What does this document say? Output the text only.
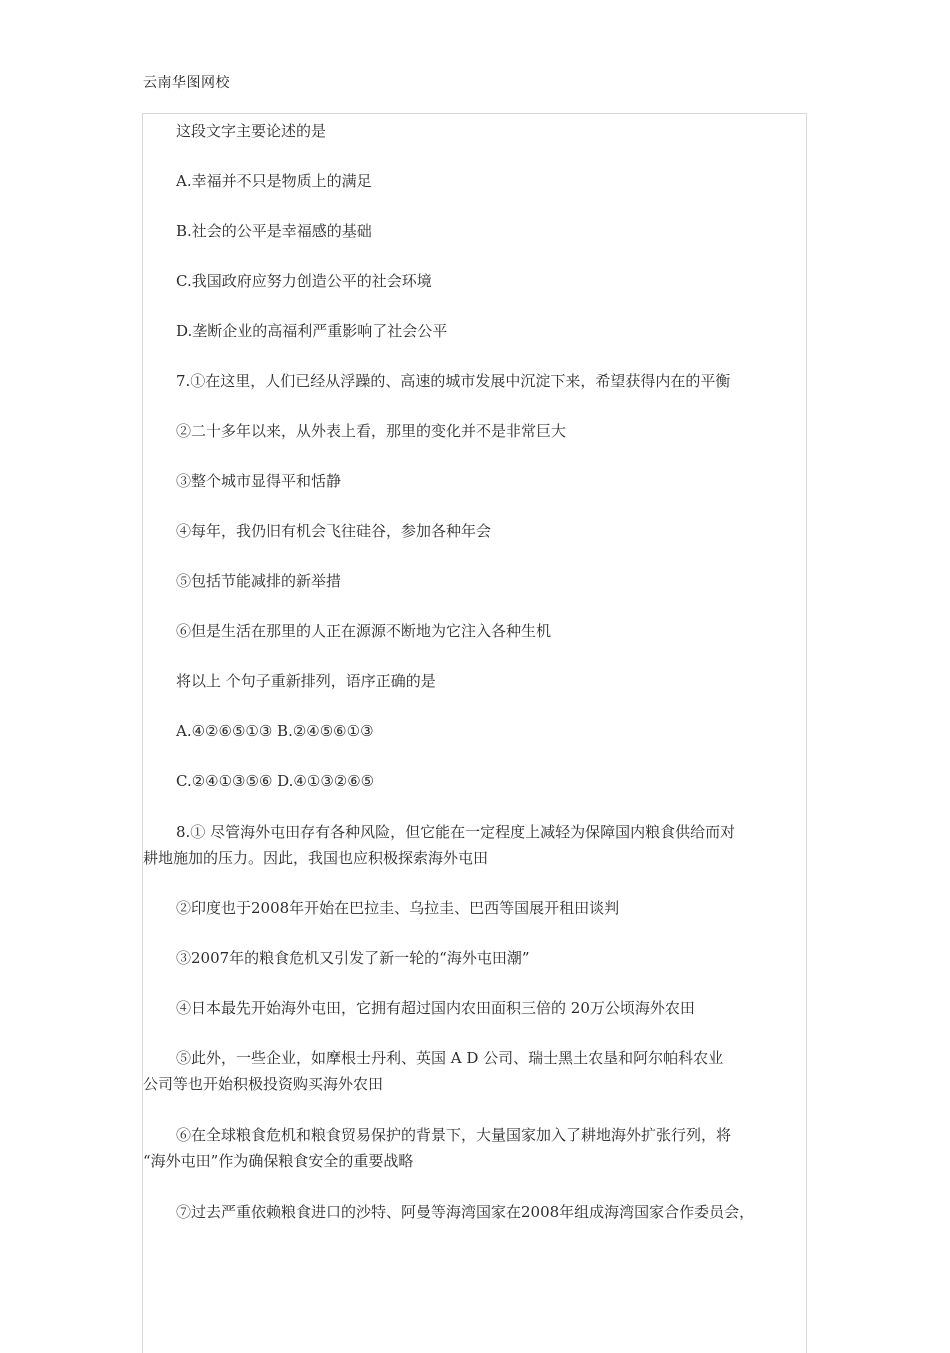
云南华图网校
这段文字主要论述的是
A.幸福并不只是物质上的满足
B.社会的公平是幸福感的基础
C.我国政府应努力创造公平的社会环境
D.垄断企业的高福利严重影响了社会公平
7.①在这里，人们已经从浮躁的、高速的城市发展中沉淀下来，希望获得内在的平衡
②二十多年以来，从外表上看，那里的变化并不是非常巨大
③整个城市显得平和恬静
④每年，我仍旧有机会飞往硅谷，参加各种年会
⑤包括节能减排的新举措
⑥但是生活在那里的人正在源源不断地为它注入各种生机
将以上 个句子重新排列，语序正确的是
A.④②⑥⑤①③ B.②④⑤⑥①③
C.②④①③⑤⑥ D.④①③②⑥⑤
8.① 尽管海外屯田存有各种风险，但它能在一定程度上减轻为保障国内粮食供给而对
耕地施加的压力。因此，我国也应积极探索海外屯田
②印度也于2008年开始在巴拉圭、乌拉圭、巴西等国展开租田谈判
③2007年的粮食危机又引发了新一轮的“海外屯田潮”
④日本最先开始海外屯田，它拥有超过国内农田面积三倍的 20万公顷海外农田
⑤此外，一些企业，如摩根士丹利、英国 A D 公司、瑞士黑土农垦和阿尔帕科农业
公司等也开始积极投资购买海外农田
⑥在全球粮食危机和粮食贸易保护的背景下，大量国家加入了耕地海外扩张行列，将
“海外屯田”作为确保粮食安全的重要战略
⑦过去严重依赖粮食进口的沙特、阿曼等海湾国家在2008年组成海湾国家合作委员会，
